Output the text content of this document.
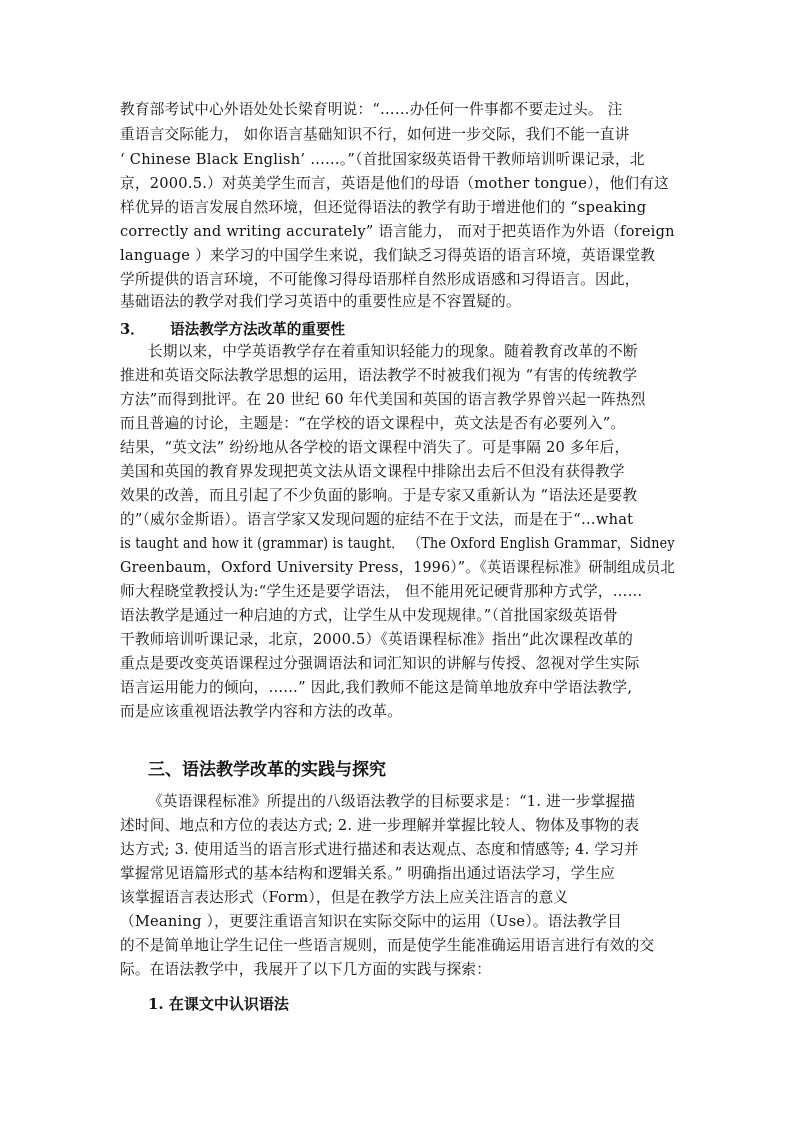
教育部考试中心外语处处长梁育明说：“……办任何一件事都不要走过头。 注
重语言交际能力， 如你语言基础知识不行，如何进一步交际，我们不能一直讲
‘ Chinese Black English’ ……。”（首批国家级英语骨干教师培训听课记录，北
京，2000.5.）对英美学生而言，英语是他们的母语（mother tongue），他们有这
样优异的语言发展自然环境，但还觉得语法的教学有助于增进他们的 “speaking
correctly and writing accurately” 语言能力， 而对于把英语作为外语（foreign
language ）来学习的中国学生来说，我们缺乏习得英语的语言环境，英语课堂教
学所提供的语言环境，不可能像习得母语那样自然形成语感和习得语言。因此，
基础语法的教学对我们学习英语中的重要性应是不容置疑的。
3． 语法教学方法改革的重要性
长期以来，中学英语教学存在着重知识轻能力的现象。随着教育改革的不断
推进和英语交际法教学思想的运用，语法教学不时被我们视为 “有害的传统教学
方法”而得到批评。在 20 世纪 60 年代美国和英国的语言教学界曾兴起一阵热烈
而且普遍的讨论，主题是：“在学校的语文课程中，英文法是否有必要列入”。
结果，“英文法” 纷纷地从各学校的语文课程中消失了。可是事隔 20 多年后，
美国和英国的教育界发现把英文法从语文课程中排除出去后不但没有获得教学
效果的改善，而且引起了不少负面的影响。于是专家又重新认为 “语法还是要教
的”（威尔金斯语）。语言学家又发现问题的症结不在于文法，而是在于“…what
is taught and how it (grammar) is taught． （The Oxford English Grammar，Sidney
Greenbaum，Oxford University Press，1996）”。《英语课程标准》研制组成员北
师大程晓堂教授认为:“学生还是要学语法， 但不能用死记硬背那种方式学，……
语法教学是通过一种启迪的方式，让学生从中发现规律。”（首批国家级英语骨
干教师培训听课记录，北京，2000.5）《英语课程标准》指出“此次课程改革的
重点是要改变英语课程过分强调语法和词汇知识的讲解与传授、忽视对学生实际
语言运用能力的倾向，……” 因此,我们教师不能这是简单地放弃中学语法教学,
而是应该重视语法教学内容和方法的改革。
三、语法教学改革的实践与探究
《英语课程标准》所提出的八级语法教学的目标要求是：“1. 进一步掌握描
述时间、地点和方位的表达方式; 2. 进一步理解并掌握比较人、物体及事物的表
达方式; 3. 使用适当的语言形式进行描述和表达观点、态度和情感等; 4. 学习并
掌握常见语篇形式的基本结构和逻辑关系。” 明确指出通过语法学习，学生应
该掌握语言表达形式（Form），但是在教学方法上应关注语言的意义
（Meaning ），更要注重语言知识在实际交际中的运用（Use）。语法教学目
的不是简单地让学生记住一些语言规则，而是使学生能准确运用语言进行有效的交
际。在语法教学中，我展开了以下几方面的实践与探索：
1. 在课文中认识语法
